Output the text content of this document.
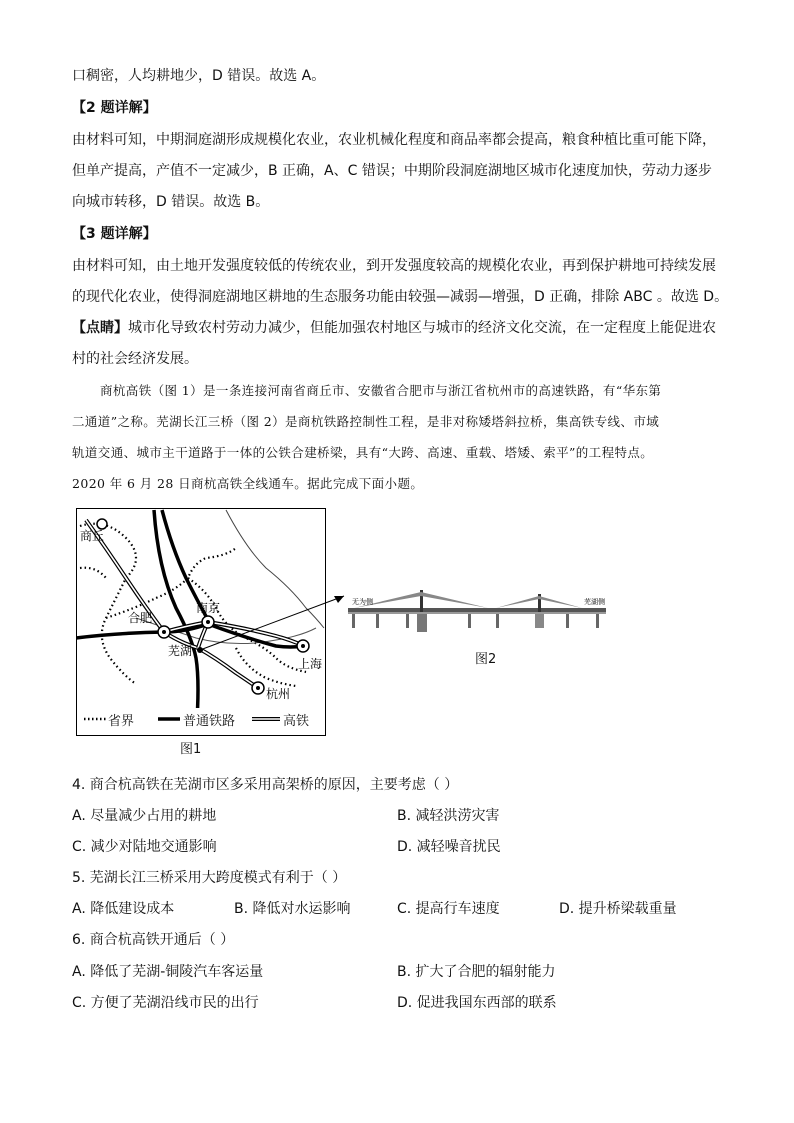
口稠密，人均耕地少，D 错误。故选 A。
【2 题详解】
由材料可知，中期洞庭湖形成规模化农业，农业机械化程度和商品率都会提高，粮食种植比重可能下降，
但单产提高，产值不一定减少，B 正确，A、C 错误；中期阶段洞庭湖地区城市化速度加快，劳动力逐步
向城市转移，D 错误。故选 B。
【3 题详解】
由材料可知，由土地开发强度较低的传统农业，到开发强度较高的规模化农业，再到保护耕地可持续发展
的现代化农业，使得洞庭湖地区耕地的生态服务功能由较强—减弱—增强，D 正确，排除 ABC 。故选 D。
【点睛】城市化导致农村劳动力减少，但能加强农村地区与城市的经济文化交流，在一定程度上能促进农
村的社会经济发展。
商杭高铁（图 1）是一条连接河南省商丘市、安徽省合肥市与浙江省杭州市的高速铁路，有“华东第
二通道”之称。芜湖长江三桥（图 2）是商杭铁路控制性工程，是非对称矮塔斜拉桥，集高铁专线、市域
轨道交通、城市主干道路于一体的公铁合建桥梁，具有“大跨、高速、重载、塔矮、索平”的工程特点。
2020 年 6 月 28 日商杭高铁全线通车。据此完成下面小题。
商丘
南京
合肥
芜湖
上海
杭州
无为侧	芜湖侧
省界	普通铁路	高铁
图1
图2
4. 商合杭高铁在芜湖市区多采用高架桥的原因，主要考虑（ ）
A. 尽量减少占用的耕地	B. 减轻洪涝灾害
C. 减少对陆地交通影响	D. 减轻噪音扰民
5. 芜湖长江三桥采用大跨度模式有利于（ ）
A. 降低建设成本	B. 降低对水运影响	C. 提高行车速度	D. 提升桥梁载重量
6. 商合杭高铁开通后（ ）
A. 降低了芜湖-铜陵汽车客运量	B. 扩大了合肥的辐射能力
C. 方便了芜湖沿线市民的出行	D. 促进我国东西部的联系
